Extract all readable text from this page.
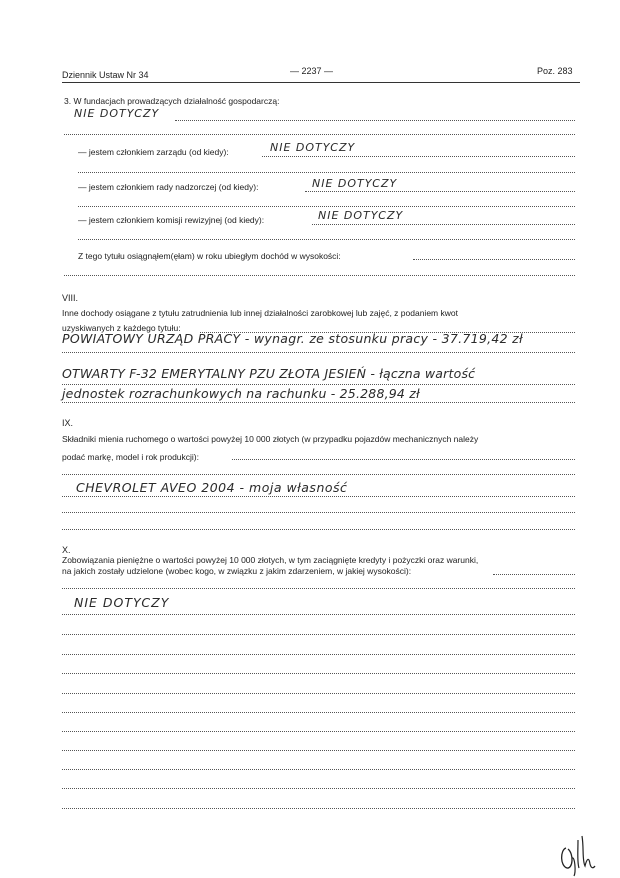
Dziennik Ustaw Nr 34	— 2237 —	Poz. 283
3. W fundacjach prowadzących działalność gospodarczą:
NIE DOTYCZY
— jestem członkiem zarządu (od kiedy):	NIE DOTYCZY
— jestem członkiem rady nadzorczej (od kiedy):	NIE DOTYCZY
— jestem członkiem komisji rewizyjnej (od kiedy):	NIE DOTYCZY
Z tego tytułu osiągnąłem(ęłam) w roku ubiegłym dochód w wysokości:
VIII.
Inne dochody osiągane z tytułu zatrudnienia lub innej działalności zarobkowej lub zajęć, z podaniem kwot
uzyskiwanych z każdego tytułu:
POWIATOWY URZĄD PRACY - wynagr. ze stosunku pracy - 37.719,42 zł
OTWARTY F-32 EMERYTALNY PZU ZŁOTA JESIEŃ - łączna wartość
jednostek rozrachunkowych na rachunku - 25.288,94 zł
IX.
Składniki mienia ruchomego o wartości powyżej 10 000 złotych (w przypadku pojazdów mechanicznych należy
podać markę, model i rok produkcji):
CHEVROLET AVEO 2004 - moja własność
X.
Zobowiązania pieniężne o wartości powyżej 10 000 złotych, w tym zaciągnięte kredyty i pożyczki oraz warunki,
na jakich zostały udzielone (wobec kogo, w związku z jakim zdarzeniem, w jakiej wysokości):
NIE DOTYCZY
